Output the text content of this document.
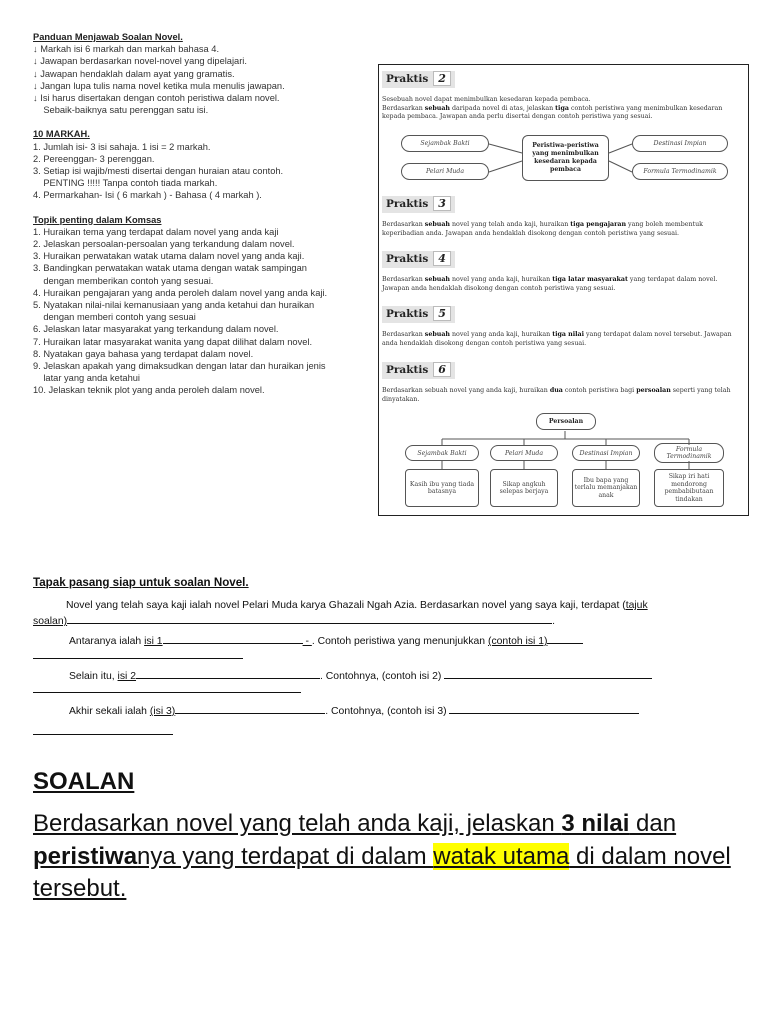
Panduan Menjawab Soalan Novel.
↓ Markah isi 6 markah dan markah bahasa 4.
↓ Jawapan berdasarkan novel-novel yang dipelajari.
↓ Jawapan hendaklah dalam ayat yang gramatis.
↓ Jangan lupa tulis nama novel ketika mula menulis jawapan.
↓ Isi harus disertakan dengan contoh peristiwa dalam novel.
Sebaik-baiknya satu perenggan satu isi.
10 MARKAH.
1. Jumlah isi- 3 isi sahaja. 1 isi = 2 markah.
2. Pereenggan- 3 perenggan.
3. Setiap isi wajib/mesti disertai dengan huraian atau contoh.
PENTING !!!!! Tanpa contoh tiada markah.
4. Permarkahan- Isi ( 6 markah ) - Bahasa ( 4 markah ).
Topik penting dalam Komsas
1. Huraikan tema yang terdapat dalam novel yang anda kaji
2. Jelaskan persoalan-persoalan yang terkandung dalam novel.
3. Huraikan perwatakan watak utama dalam novel yang anda kaji.
3. Bandingkan perwatakan watak utama dengan watak sampingan
dengan memberikan contoh yang sesuai.
4. Huraikan pengajaran yang anda peroleh dalam novel yang anda kaji.
5. Nyatakan nilai-nilai kemanusiaan yang anda ketahui dan huraikan
dengan memberi contoh yang sesuai
6. Jelaskan latar masyarakat yang terkandung dalam novel.
7. Huraikan latar masyarakat wanita yang dapat dilihat dalam novel.
8. Nyatakan gaya bahasa yang terdapat dalam novel.
9. Jelaskan apakah yang dimaksudkan dengan latar dan huraikan jenis
latar yang anda ketahui
10. Jelaskan teknik plot yang anda peroleh dalam novel.
Praktis 2
Sesebuah novel dapat menimbulkan kesedaran kepada pembaca.
Berdasarkan sebuah daripada novel di atas, jelaskan tiga contoh peristiwa yang menimbulkan kesedaran kepada pembaca. Jawapan anda perlu disertai dengan contoh peristiwa yang sesuai.
Sejambak Bakti
Pelari Muda
Peristiwa-peristiwa yang menimbulkan kesedaran kepada pembaca
Destinasi Impian
Formula Termodinamik
Praktis 3
Berdasarkan sebuah novel yang telah anda kaji, huraikan tiga pengajaran yang boleh membentuk keperibadian anda. Jawapan anda hendaklah disokong dengan contoh peristiwa yang sesuai.
Praktis 4
Berdasarkan sebuah novel yang anda kaji, huraikan tiga latar masyarakat yang terdapat dalam novel. Jawapan anda hendaklah disokong dengan contoh peristiwa yang sesuai.
Praktis 5
Berdasarkan sebuah novel yang anda kaji, huraikan tiga nilai yang terdapat dalam novel tersebut. Jawapan anda hendaklah disokong dengan contoh peristiwa yang sesuai.
Praktis 6
Berdasarkan sebuah novel yang anda kaji, huraikan dua contoh peristiwa bagi persoalan seperti yang telah dinyatakan.
Persoalan
Sejambak Bakti	Pelari Muda	Destinasi Impian	Formula Termodinamik
Kasih ibu yang tiada batasnya
Sikap angkuh selepas berjaya
Ibu bapa yang terlalu memanjakan anak
Sikap iri hati mendorong pembabibutaan tindakan
Tapak pasang siap untuk soalan Novel.
Novel yang telah saya kaji ialah novel Pelari Muda karya Ghazali Ngah Azia. Berdasarkan novel yang saya kaji, terdapat (tajuk
soalan)	.
Antaranya ialah isi 1	- . Contoh peristiwa yang menunjukkan (contoh isi 1)
Selain itu, isi 2	. Contohnya, (contoh isi 2)
Akhir sekali ialah (isi 3)	. Contohnya, (contoh isi 3)
SOALAN
Berdasarkan novel yang telah anda kaji, jelaskan 3 nilai dan peristiwanya yang terdapat di dalam watak utama di dalam novel tersebut.
